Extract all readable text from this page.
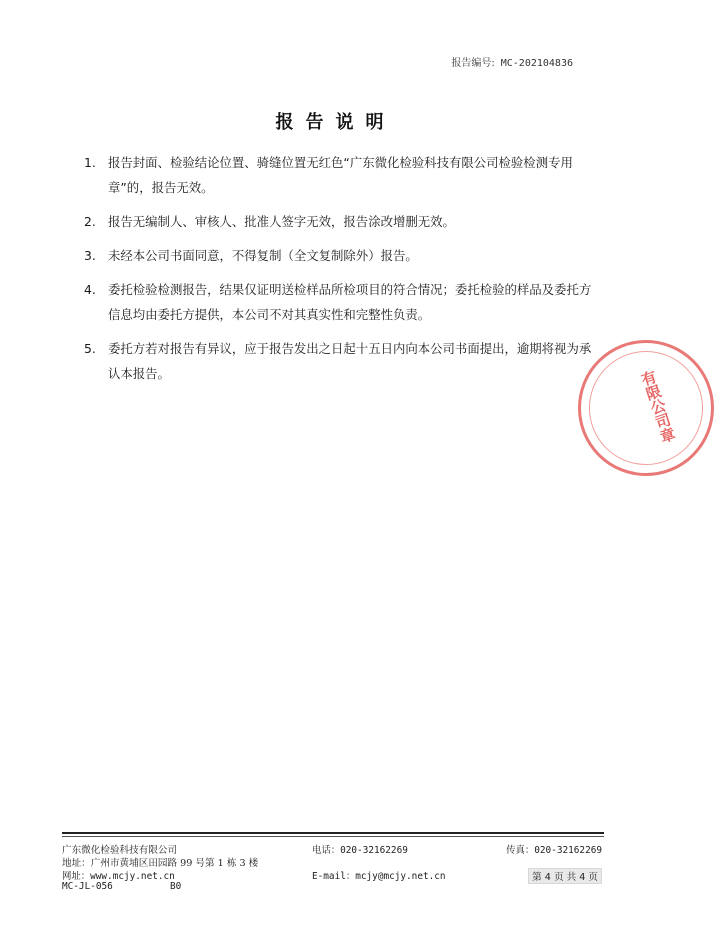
报告编号: MC-202104836
报告说明
1. 报告封面、检验结论位置、骑缝位置无红色“广东微化检验科技有限公司检验检测专用章”的，报告无效。
2. 报告无编制人、审核人、批准人签字无效，报告涂改增删无效。
3. 未经本公司书面同意，不得复制（全文复制除外）报告。
4. 委托检验检测报告，结果仅证明送检样品所检项目的符合情况；委托检验的样品及委托方信息均由委托方提供，本公司不对其真实性和完整性负责。
5. 委托方若对报告有异议，应于报告发出之日起十五日内向本公司书面提出，逾期将视为承认本报告。	有限公司章
广东微化检验科技有限公司	电话：020-32162269	传真：020-32162269
地址：广州市黄埔区田园路 99 号第 1 栋 3 楼
网址：www.mcjy.net.cn	E-mail：mcjy@mcjy.net.cn	第 4 页 共 4 页
MC-JL-056	B0
